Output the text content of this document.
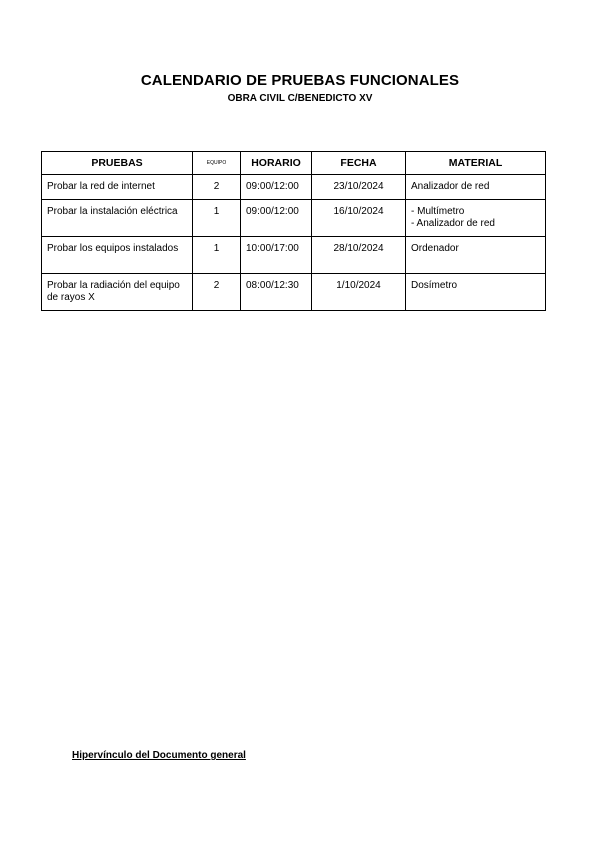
CALENDARIO DE PRUEBAS FUNCIONALES
OBRA CIVIL C/BENEDICTO XV
PRUEBAS	EQUIPO	HORARIO	FECHA	MATERIAL
Probar la red de internet	2	09:00/12:00	23/10/2024	Analizador de red
Probar la instalación eléctrica	1	09:00/12:00	16/10/2024	- Multímetro
- Analizador de red
Probar los equipos instalados	1	10:00/17:00	28/10/2024	Ordenador
Probar la radiación del equipo de rayos X	2	08:00/12:30	1/10/2024	Dosímetro
Hipervínculo del Documento general
